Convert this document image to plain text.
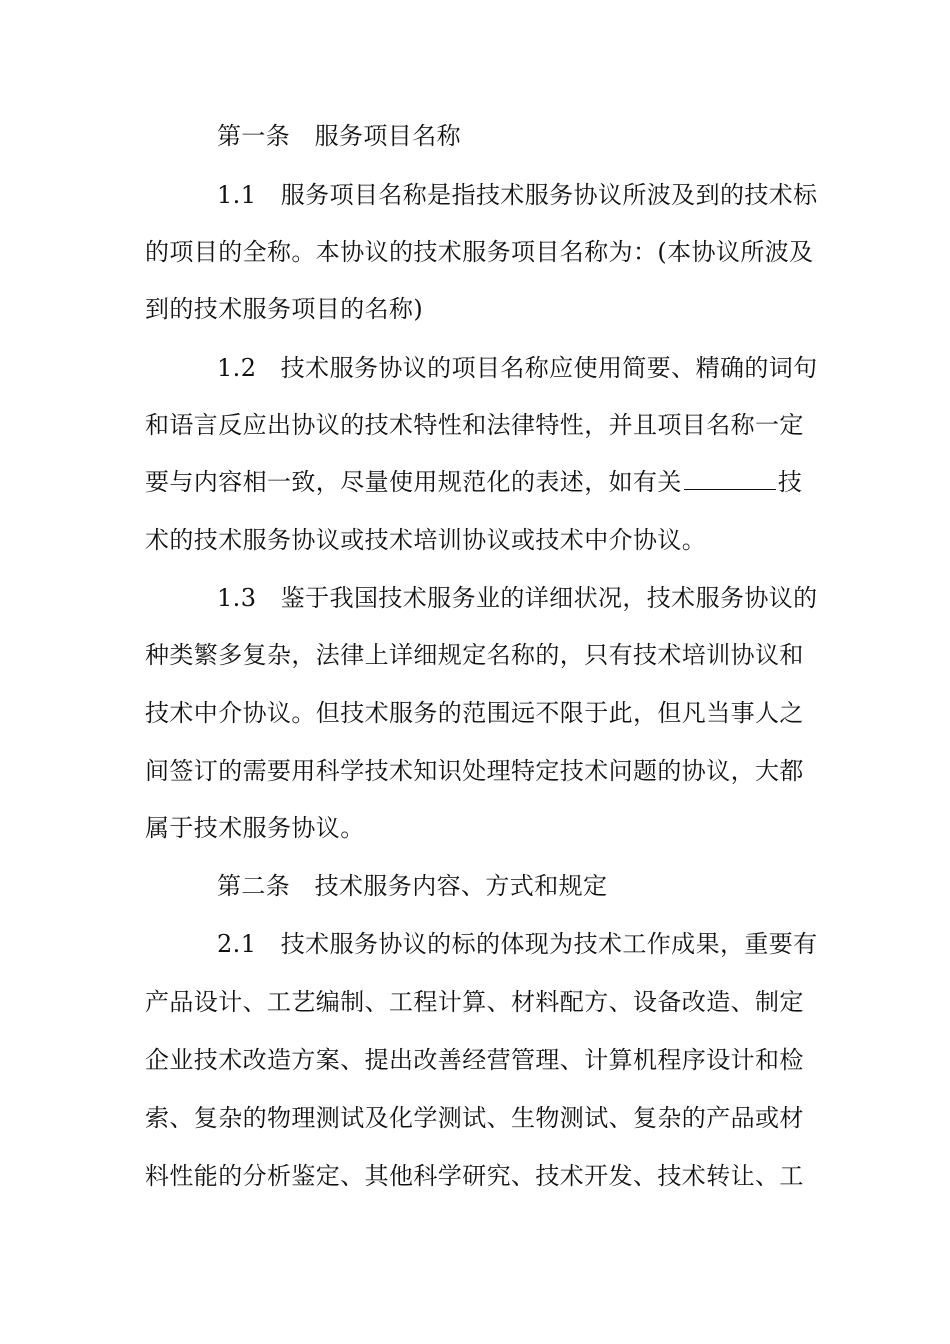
第一条　服务项目名称
1.1　服务项目名称是指技术服务协议所波及到的技术标
的项目的全称。本协议的技术服务项目名称为：(本协议所波及
到的技术服务项目的名称)
1.2　技术服务协议的项目名称应使用简要、精确的词句
和语言反应出协议的技术特性和法律特性，并且项目名称一定
要与内容相一致，尽量使用规范化的表述，如有关	技
术的技术服务协议或技术培训协议或技术中介协议。
1.3　鉴于我国技术服务业的详细状况，技术服务协议的
种类繁多复杂，法律上详细规定名称的，只有技术培训协议和
技术中介协议。但技术服务的范围远不限于此，但凡当事人之
间签订的需要用科学技术知识处理特定技术问题的协议，大都
属于技术服务协议。
第二条　技术服务内容、方式和规定
2.1　技术服务协议的标的体现为技术工作成果，重要有
产品设计、工艺编制、工程计算、材料配方、设备改造、制定
企业技术改造方案、提出改善经营管理、计算机程序设计和检
索、复杂的物理测试及化学测试、生物测试、复杂的产品或材
料性能的分析鉴定、其他科学研究、技术开发、技术转让、工
